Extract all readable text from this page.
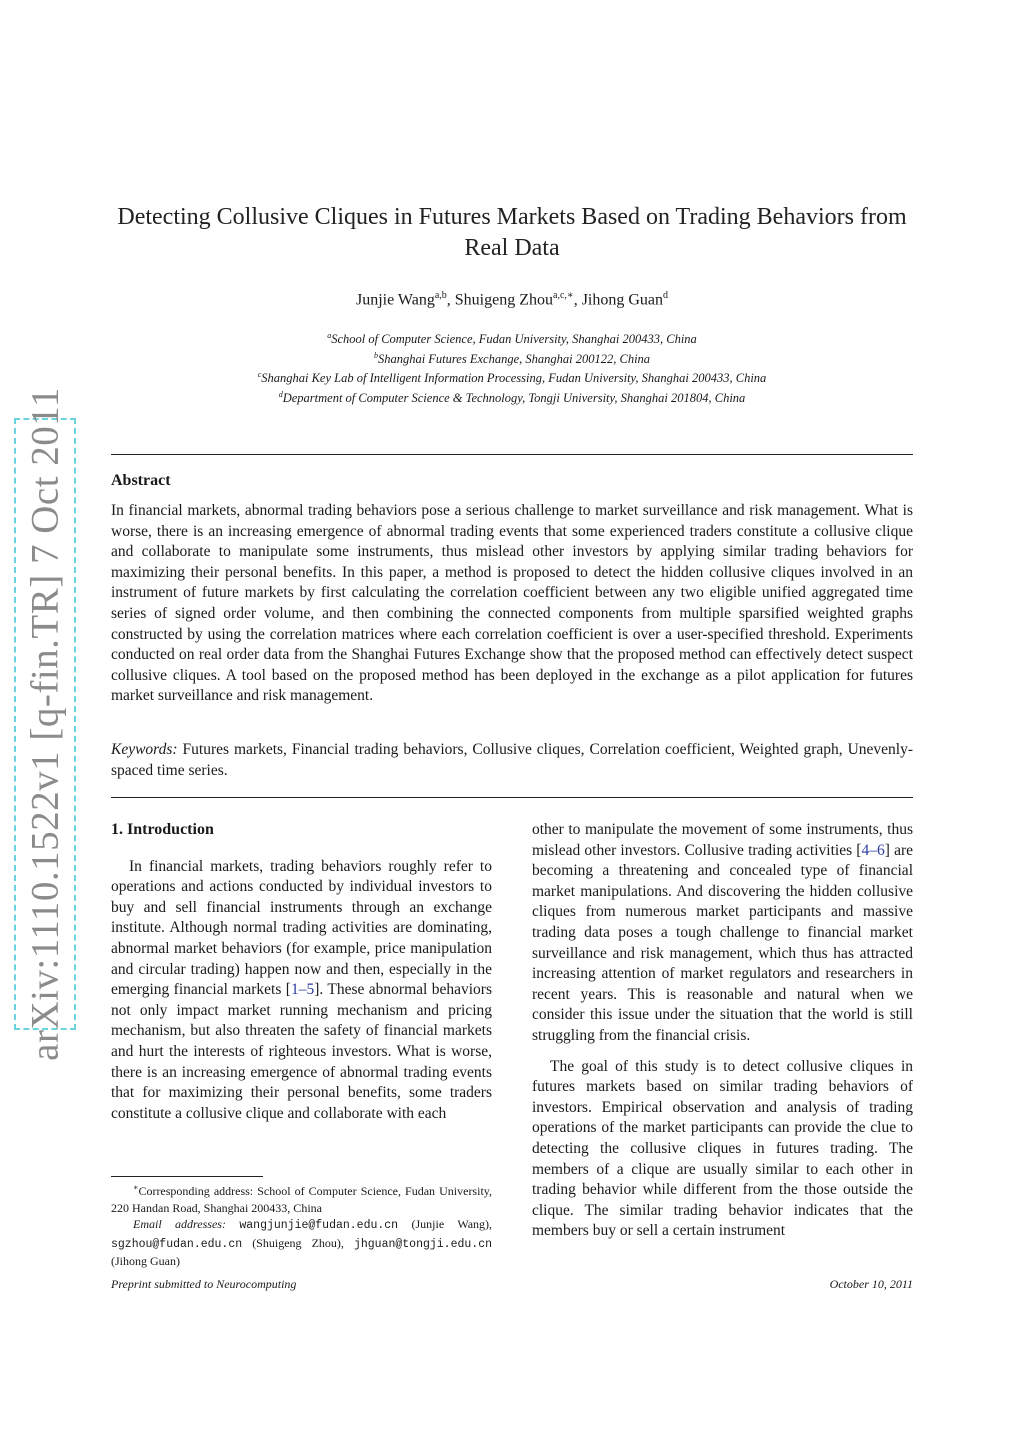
arXiv:1110.1522v1 [q-fin.TR] 7 Oct 2011
Detecting Collusive Cliques in Futures Markets Based on Trading Behaviors from Real Data
Junjie Wang$^{a,b}$, Shuigeng Zhou$^{a,c,∗}$, Jihong Guan$^d$
$^a$School of Computer Science, Fudan University, Shanghai 200433, China
$^b$Shanghai Futures Exchange, Shanghai 200122, China
$^c$Shanghai Key Lab of Intelligent Information Processing, Fudan University, Shanghai 200433, China
$^d$Department of Computer Science & Technology, Tongji University, Shanghai 201804, China
Abstract
In financial markets, abnormal trading behaviors pose a serious challenge to market surveillance and risk management. What is worse, there is an increasing emergence of abnormal trading events that some experienced traders constitute a collusive clique and collaborate to manipulate some instruments, thus mislead other investors by applying similar trading behaviors for maximizing their personal benefits. In this paper, a method is proposed to detect the hidden collusive cliques involved in an instrument of future markets by first calculating the correlation coefficient between any two eligible unified aggregated time series of signed order volume, and then combining the connected components from multiple sparsified weighted graphs constructed by using the correlation matrices where each correlation coefficient is over a user-specified threshold. Experiments conducted on real order data from the Shanghai Futures Exchange show that the proposed method can effectively detect suspect collusive cliques. A tool based on the proposed method has been deployed in the exchange as a pilot application for futures market surveillance and risk management.
Keywords: Futures markets, Financial trading behaviors, Collusive cliques, Correlation coefficient, Weighted graph, Unevenly-spaced time series.
1. Introduction

In financial markets, trading behaviors roughly refer to operations and actions conducted by individual investors to buy and sell financial instruments through an exchange institute. Although normal trading activities are dominating, abnormal market behaviors (for example, price manipulation and circular trading) happen now and then, especially in the emerging financial markets [1–5]. These abnormal behaviors not only impact market running mechanism and pricing mechanism, but also threaten the safety of financial markets and hurt the interests of righteous investors. What is worse, there is an increasing emergence of abnormal trading events that for maximizing their personal benefits, some traders constitute a collusive clique and collaborate with each

other to manipulate the movement of some instruments, thus mislead other investors. Collusive trading activities [4–6] are becoming a threatening and concealed type of financial market manipulations. And discovering the hidden collusive cliques from numerous market participants and massive trading data poses a tough challenge to financial market surveillance and risk management, which thus has attracted increasing attention of market regulators and researchers in recent years. This is reasonable and natural when we consider this issue under the situation that the world is still struggling from the financial crisis.

The goal of this study is to detect collusive cliques in futures markets based on similar trading behaviors of investors. Empirical observation and analysis of trading operations of the market participants can provide the clue to detecting the collusive cliques in futures trading. The members of a clique are usually similar to each other in trading behavior while different from the those outside the clique. The similar trading behavior indicates that the members buy or sell a certain instrument

∗Corresponding address: School of Computer Science, Fudan University, 220 Handan Road, Shanghai 200433, China
Email addresses: wangjunjie@fudan.edu.cn (Junjie Wang), sgzhou@fudan.edu.cn (Shuigeng Zhou), jhguan@tongji.edu.cn (Jihong Guan)
Preprint submitted to Neurocomputing	October 10, 2011
